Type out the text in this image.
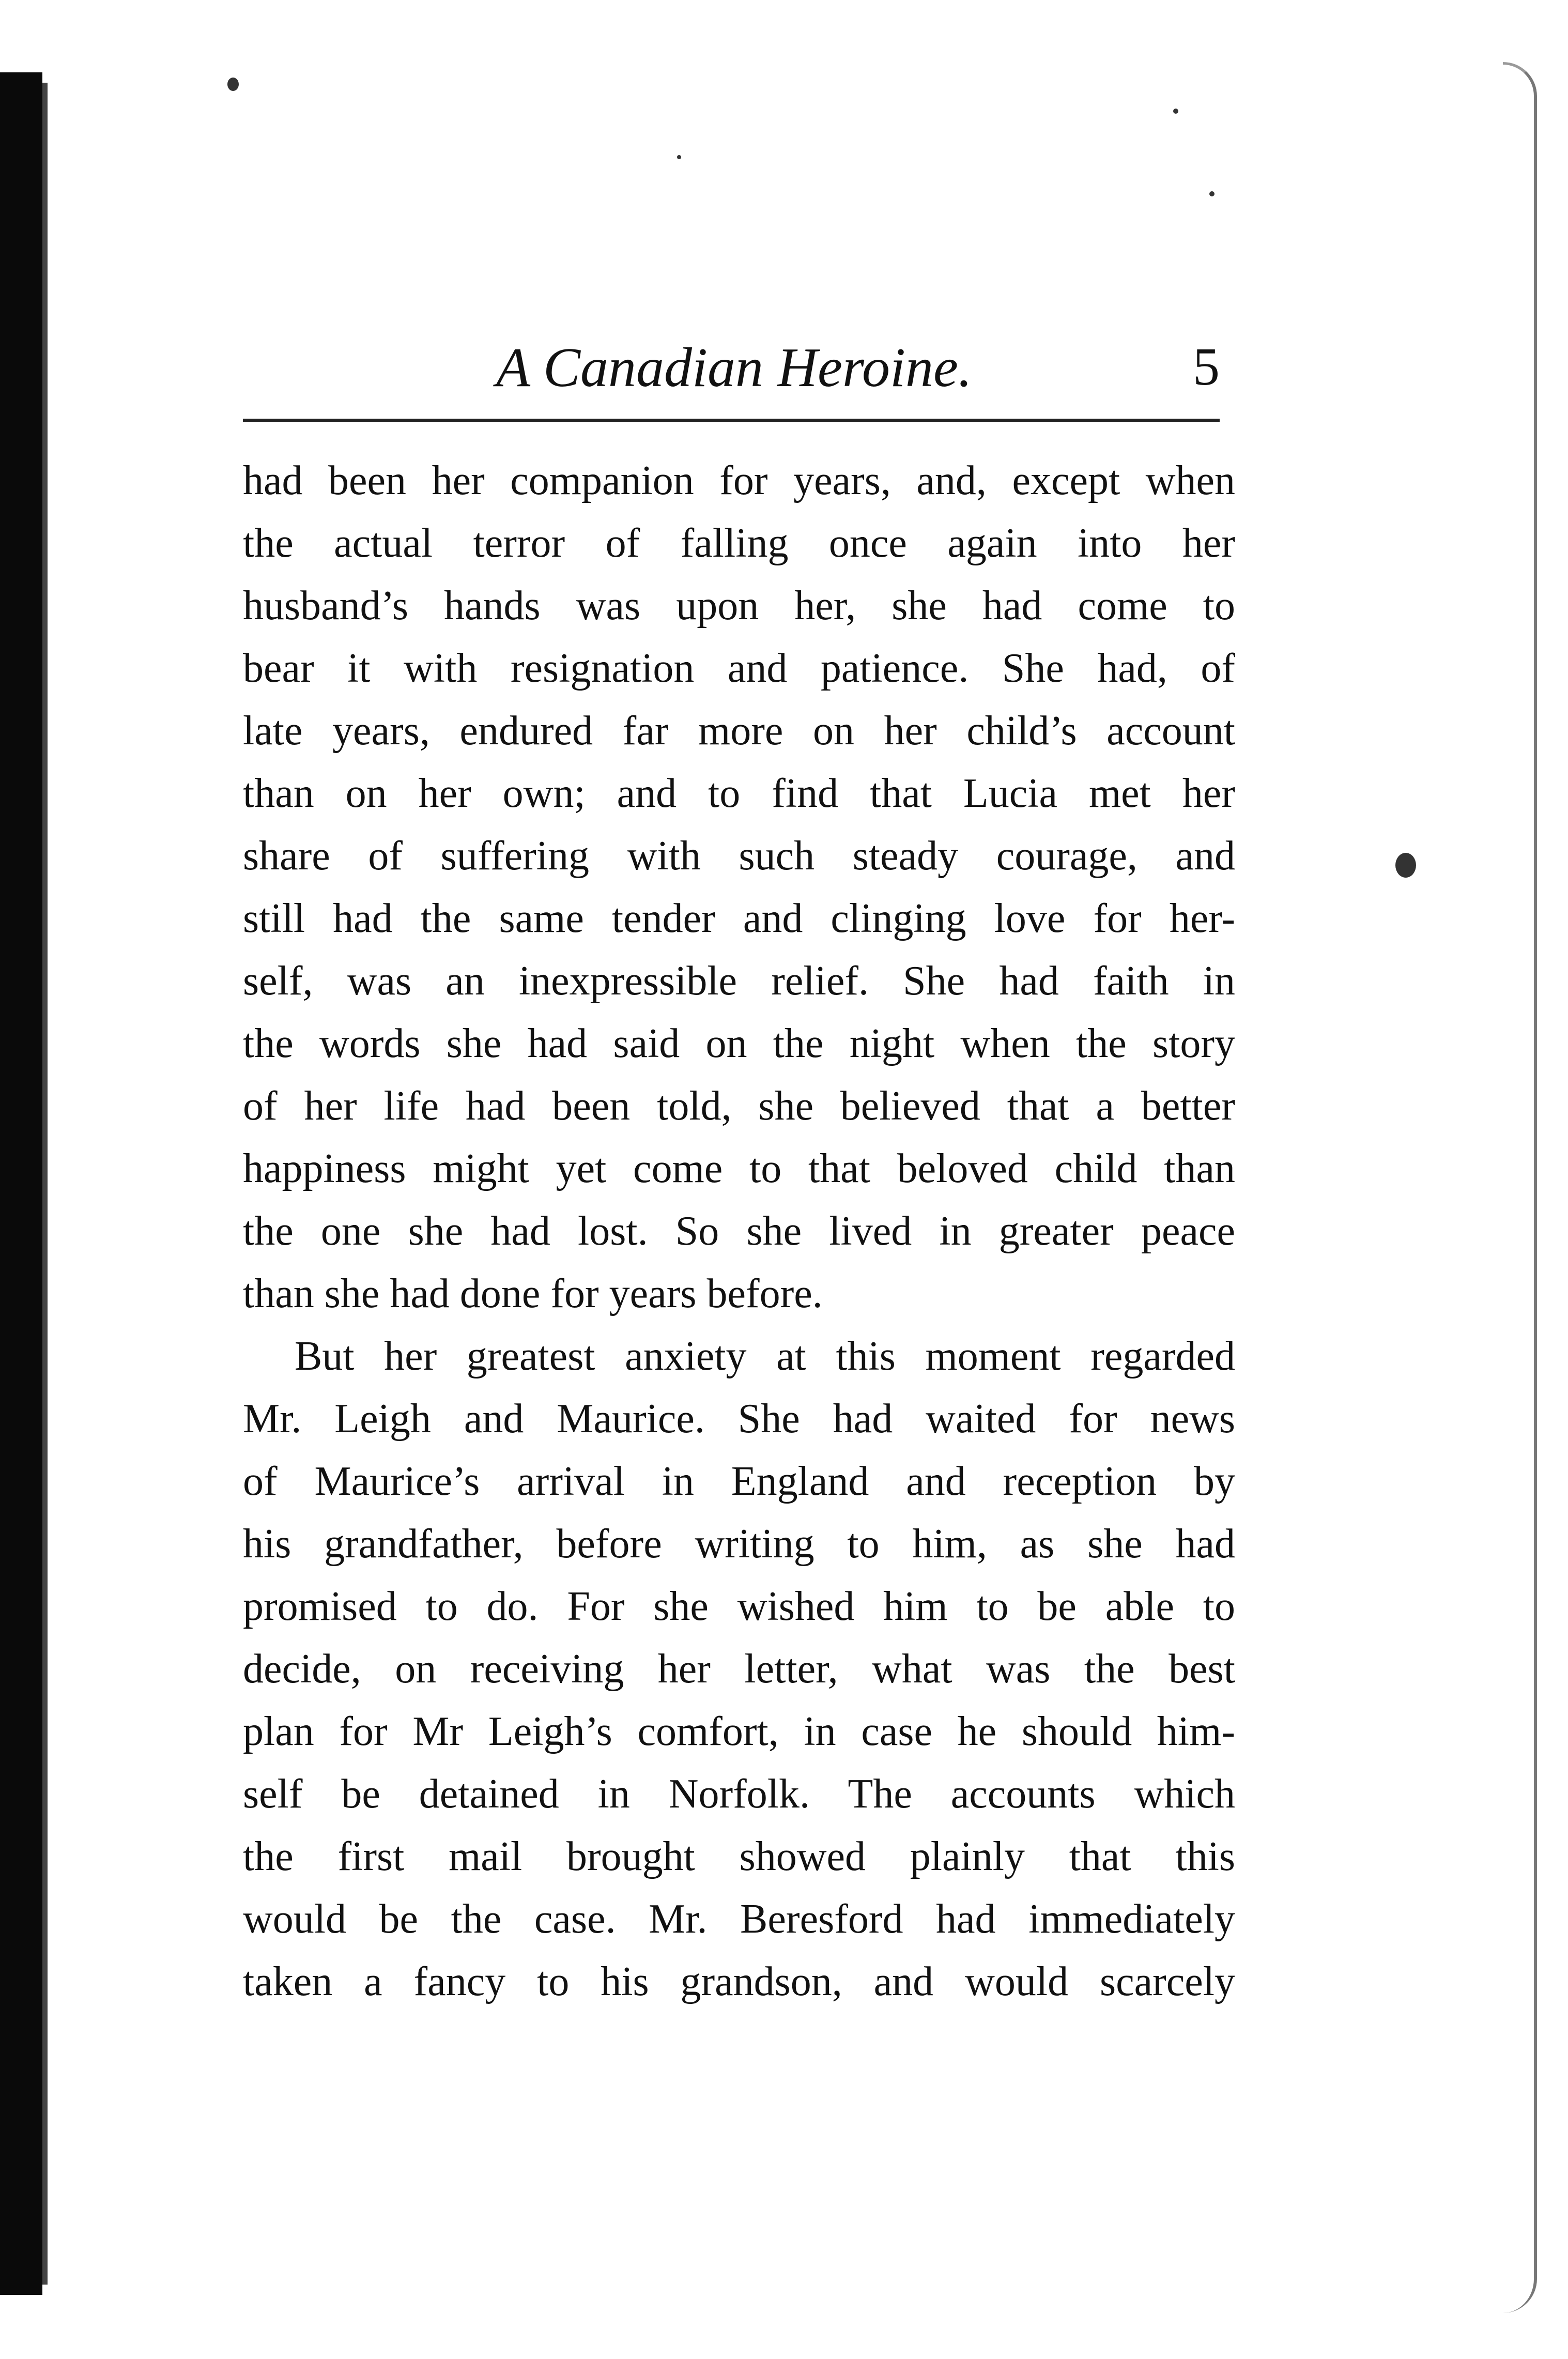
A Canadian Heroine.	5
had been her companion for years, and, except when
the actual terror of falling once again into her
husband’s hands was upon her, she had come to
bear it with resignation and patience. She had, of
late years, endured far more on her child’s account
than on her own; and to find that Lucia met her
share of suffering with such steady courage, and
still had the same tender and clinging love for her-
self, was an inexpressible relief. She had faith in
the words she had said on the night when the story
of her life had been told, she believed that a better
happiness might yet come to that beloved child than
the one she had lost. So she lived in greater peace
than she had done for years before.
But her greatest anxiety at this moment regarded
Mr. Leigh and Maurice. She had waited for news
of Maurice’s arrival in England and reception by
his grandfather, before writing to him, as she had
promised to do. For she wished him to be able to
decide, on receiving her letter, what was the best
plan for Mr Leigh’s comfort, in case he should him-
self be detained in Norfolk. The accounts which
the first mail brought showed plainly that this
would be the case. Mr. Beresford had immediately
taken a fancy to his grandson, and would scarcely
